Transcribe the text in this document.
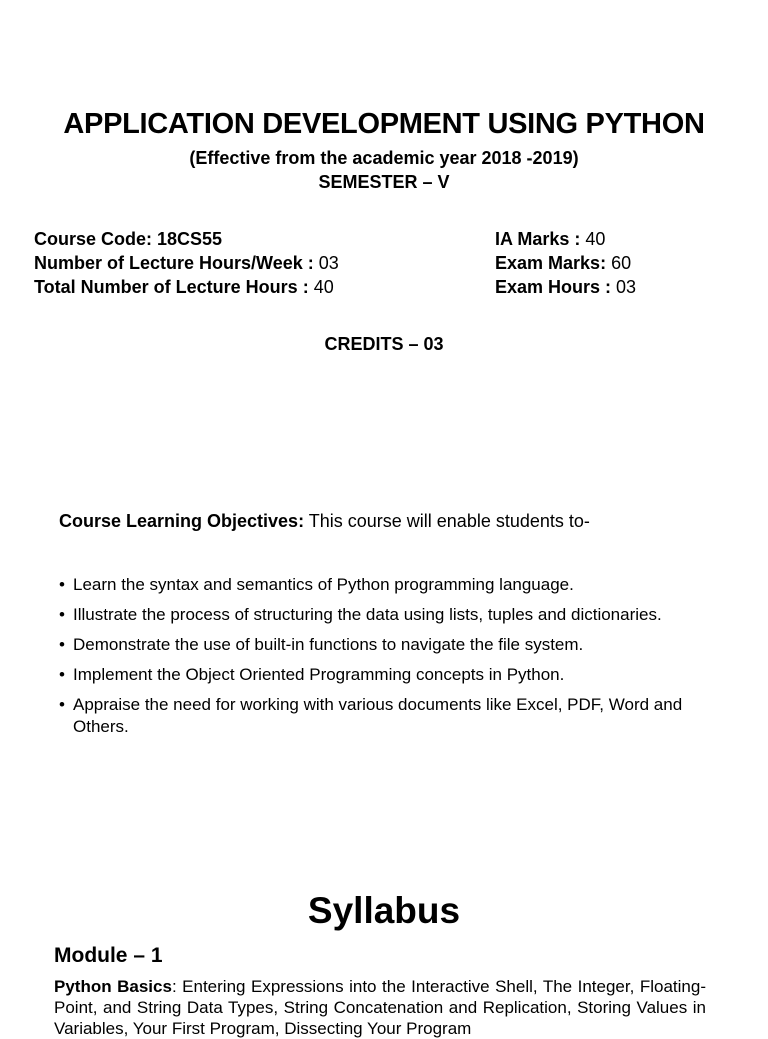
APPLICATION DEVELOPMENT USING PYTHON
(Effective from the academic year 2018 -2019)
SEMESTER – V
Course Code: 18CS55
Number of Lecture Hours/Week : 03
Total Number of Lecture Hours : 40
IA Marks : 40
Exam Marks: 60
Exam Hours : 03
CREDITS – 03
Course Learning Objectives: This course will enable students to-
• Learn the syntax and semantics of Python programming language.
• Illustrate the process of structuring the data using lists, tuples and dictionaries.
• Demonstrate the use of built-in functions to navigate the file system.
• Implement the Object Oriented Programming concepts in Python.
• Appraise the need for working with various documents like Excel, PDF, Word and Others.
Syllabus
Module – 1
Python Basics: Entering Expressions into the Interactive Shell, The Integer, Floating-Point, and String Data Types, String Concatenation and Replication, Storing Values in Variables, Your First Program, Dissecting Your Program
